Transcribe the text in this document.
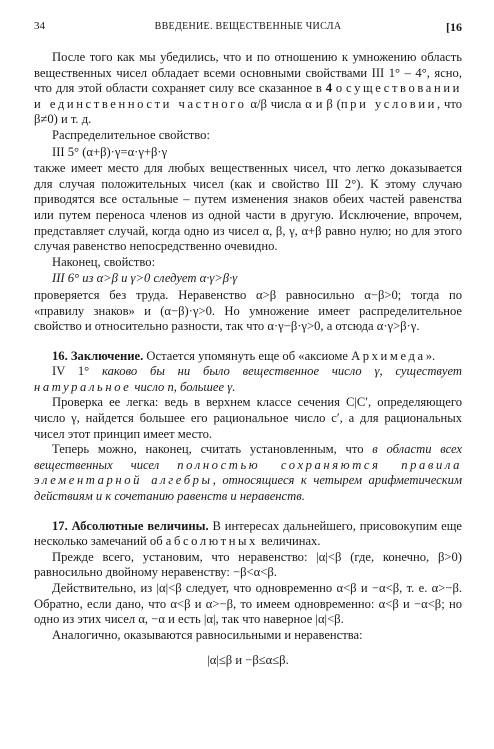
34	ВВЕДЕНИЕ. ВЕЩЕСТВЕННЫЕ ЧИСЛА	[16

После того как мы убедились, что и по отношению к умножению область вещественных чисел обладает всеми основными свойствами III 1° – 4°, ясно, что для этой области сохраняет силу все сказанное в 4 о существовании и единственности частного α/β числа α и β (при условии, что β≠0) и т. д.

Распределительное свойство:

III 5° (α+β)·γ=α·γ+β·γ

также имеет место для любых вещественных чисел, что легко доказывается для случая положительных чисел (как и свойство III 2°). К этому случаю приводятся все остальные – путем изменения знаков обеих частей равенства или путем переноса членов из одной части в другую. Исключение, впрочем, представляет случай, когда одно из чисел α, β, γ, α+β равно нулю; но для этого случая равенство непосредственно очевидно.

Наконец, свойство:

III 6° из α>β и γ>0 следует α·γ>β·γ

проверяется без труда. Неравенство α>β равносильно α−β>0; тогда по «правилу знаков» и (α−β)·γ>0. Но умножение имеет распределительное свойство и относительно разности, так что α·γ−β·γ>0, а отсюда α·γ>β·γ.

16. Заключение. Остается упомянуть еще об «аксиоме Архимеда».

IV 1° каково бы ни было вещественное число γ, существует натуральное число n, большее γ.

Проверка ее легка: ведь в верхнем классе сечения C|C′, определяющего число γ, найдется большее его рациональное число c′, а для рациональных чисел этот принцип имеет место.

Теперь можно, наконец, считать установленным, что в области всех вещественных чисел полностью сохраняются правила элементарной алгебры, относящиеся к четырем арифметическим действиям и к сочетанию равенств и неравенств.

17. Абсолютные величины. В интересах дальнейшего, присовокупим еще несколько замечаний об абсолютных величинах.

Прежде всего, установим, что неравенство: |α|<β (где, конечно, β>0) равносильно двойному неравенству: −β<α<β.

Действительно, из |α|<β следует, что одновременно α<β и −α<β, т. е. α>−β. Обратно, если дано, что α<β и α>−β, то имеем одновременно: α<β и −α<β; но одно из этих чисел α, −α и есть |α|, так что наверное |α|<β.

Аналогично, оказываются равносильными и неравенства:

|α|≤β и −β≤α≤β.
